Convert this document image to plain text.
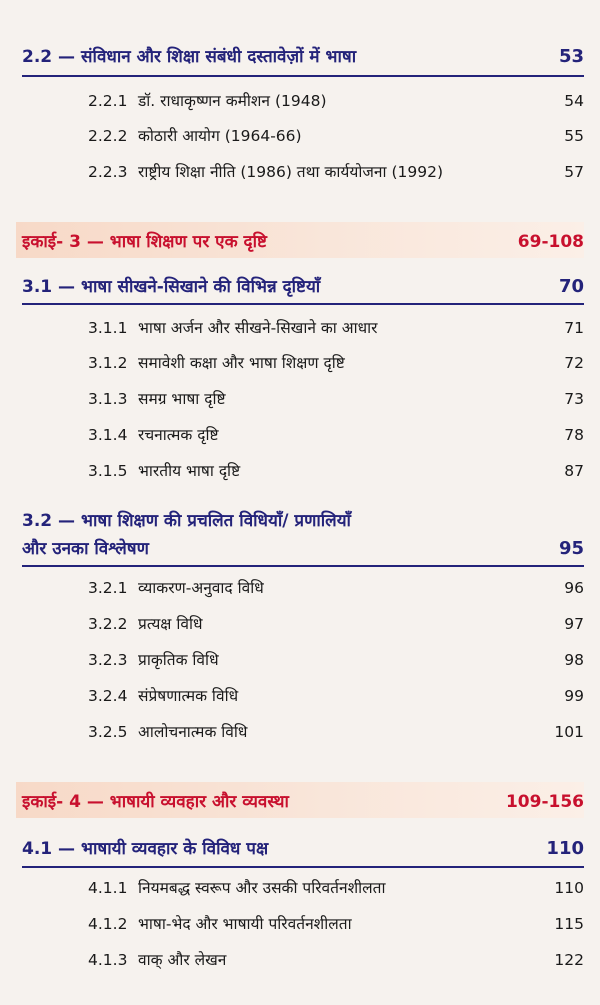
2.2 — संविधान और शिक्षा संबंधी दस्तावेज़ों में भाषा	53
2.2.1 डॉ. राधाकृष्णन कमीशन (1948)	54
2.2.2 कोठारी आयोग (1964-66)	55
2.2.3 राष्ट्रीय शिक्षा नीति (1986) तथा कार्ययोजना (1992)	57
इकाई- 3 — भाषा शिक्षण पर एक दृष्टि	69-108
3.1 — भाषा सीखने-सिखाने की विभिन्न दृष्टियाँ	70
3.1.1 भाषा अर्जन और सीखने-सिखाने का आधार	71
3.1.2 समावेशी कक्षा और भाषा शिक्षण दृष्टि	72
3.1.3 समग्र भाषा दृष्टि	73
3.1.4 रचनात्मक दृष्टि	78
3.1.5 भारतीय भाषा दृष्टि	87
3.2 — भाषा शिक्षण की प्रचलित विधियाँ/ प्रणालियाँ
और उनका विश्लेषण	95
3.2.1 व्याकरण-अनुवाद विधि	96
3.2.2 प्रत्यक्ष विधि	97
3.2.3 प्राकृतिक विधि	98
3.2.4 संप्रेषणात्मक विधि	99
3.2.5 आलोचनात्मक विधि	101
इकाई- 4 — भाषायी व्यवहार और व्यवस्था	109-156
4.1 — भाषायी व्यवहार के विविध पक्ष	110
4.1.1 नियमबद्ध स्वरूप और उसकी परिवर्तनशीलता	110
4.1.2 भाषा-भेद और भाषायी परिवर्तनशीलता	115
4.1.3 वाक् और लेखन	122
